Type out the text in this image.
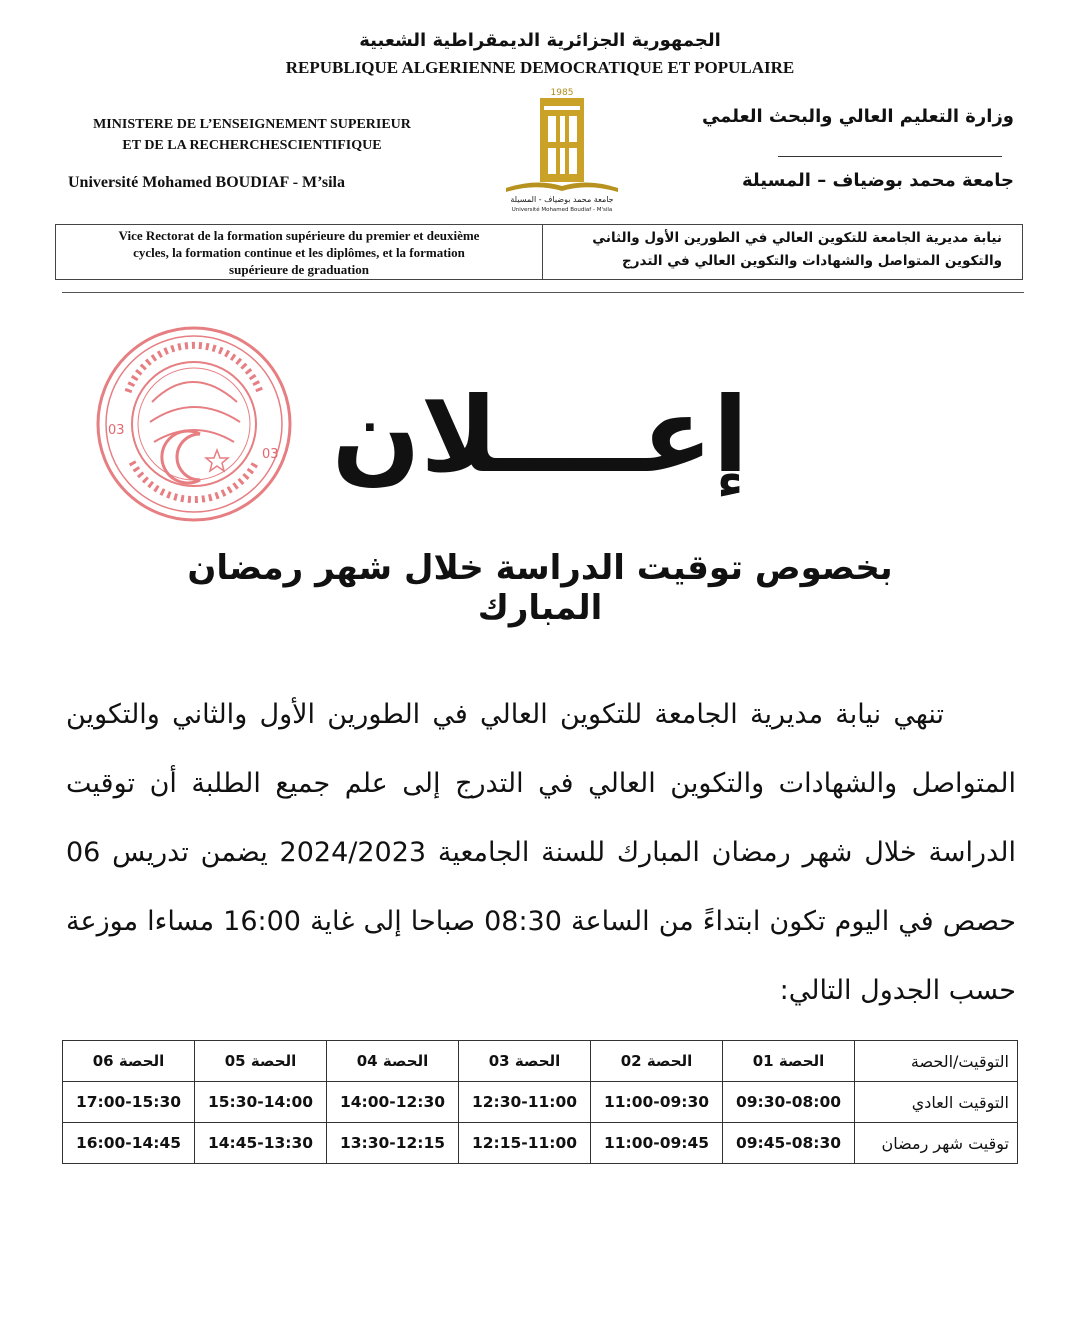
الجمهورية الجزائرية الديمقراطية الشعبية
REPUBLIQUE ALGERIENNE DEMOCRATIQUE ET POPULAIRE
MINISTERE DE L’ENSEIGNEMENT SUPERIEUR
ET DE LA RECHERCHESCIENTIFIQUE
Université Mohamed BOUDIAF - M’sila
وزارة التعليم العالي والبحث العلمي
جامعة محمد بوضياف – المسيلة
1985
جامعة محمد بوضياف - المسيلة
Université Mohamed Boudiaf - M'sila
Vice Rectorat de la formation supérieure du premier et deuxième
cycles, la formation continue et les diplômes, et la formation
supérieure de graduation
نيابة مديرية الجامعة للتكوين العالي في الطورين الأول والثاني
والتكوين المتواصل والشهادات والتكوين العالي في التدرج
03
03 إعــــلان
بخصوص توقيت الدراسة خلال شهر رمضان المبارك

تنهي نيابة مديرية الجامعة للتكوين العالي في الطورين الأول والثاني والتكوين المتواصل والشهادات والتكوين العالي في التدرج إلى علم جميع الطلبة أن توقيت الدراسة خلال شهر رمضان المبارك للسنة الجامعية 2024/2023 يضمن تدريس 06 حصص في اليوم تكون ابتداءً من الساعة 08:30 صباحا إلى غاية 16:00 مساءا موزعة حسب الجدول التالي:

الحصة 06	الحصة 05	الحصة 04	الحصة 03	الحصة 02	الحصة 01	التوقيت/الحصة
17:00-15:30	15:30-14:00	14:00-12:30	12:30-11:00	11:00-09:30	09:30-08:00	التوقيت العادي
16:00-14:45	14:45-13:30	13:30-12:15	12:15-11:00	11:00-09:45	09:45-08:30	توقيت شهر رمضان
